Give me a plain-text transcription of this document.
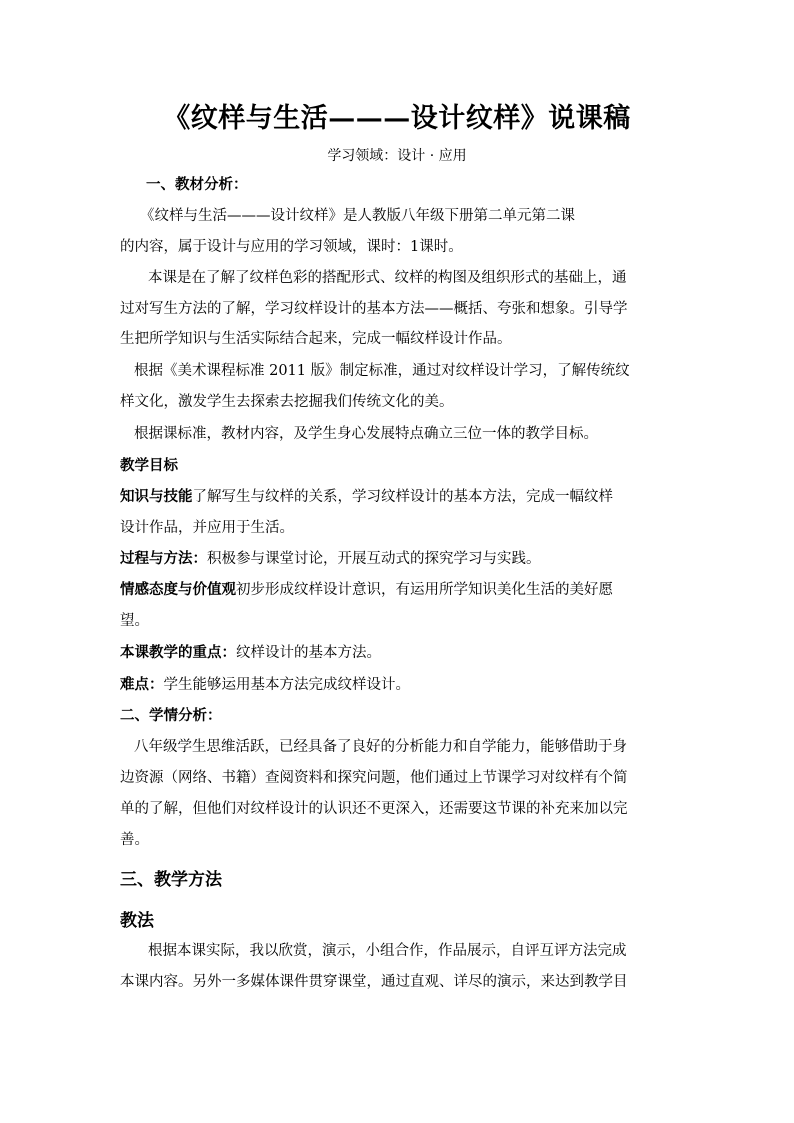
《纹样与生活———设计纹样》说课稿
学习领域：设计 · 应用
一、教材分析：
《纹样与生活———设计纹样》是人教版八年级下册第二单元第二课
的内容，属于设计与应用的学习领域，课时：1课时。
本课是在了解了纹样色彩的搭配形式、纹样的构图及组织形式的基础上，通
过对写生方法的了解，学习纹样设计的基本方法——概括、夸张和想象。引导学
生把所学知识与生活实际结合起来，完成一幅纹样设计作品。
根据《美术课程标准 2011 版》制定标准，通过对纹样设计学习，了解传统纹
样文化，激发学生去探索去挖掘我们传统文化的美。
根据课标准，教材内容，及学生身心发展特点确立三位一体的教学目标。
教学目标
知识与技能了解写生与纹样的关系，学习纹样设计的基本方法，完成一幅纹样
设计作品，并应用于生活。
过程与方法：积极参与课堂讨论，开展互动式的探究学习与实践。
情感态度与价值观初步形成纹样设计意识，有运用所学知识美化生活的美好愿
望。
本课教学的重点：纹样设计的基本方法。
难点：学生能够运用基本方法完成纹样设计。
二、学情分析：
八年级学生思维活跃，已经具备了良好的分析能力和自学能力，能够借助于身
边资源（网络、书籍）查阅资料和探究问题，他们通过上节课学习对纹样有个简
单的了解，但他们对纹样设计的认识还不更深入，还需要这节课的补充来加以完
善。
三、教学方法
教法
根据本课实际，我以欣赏，演示，小组合作，作品展示，自评互评方法完成
本课内容。另外一多媒体课件贯穿课堂，通过直观、详尽的演示，来达到教学目
